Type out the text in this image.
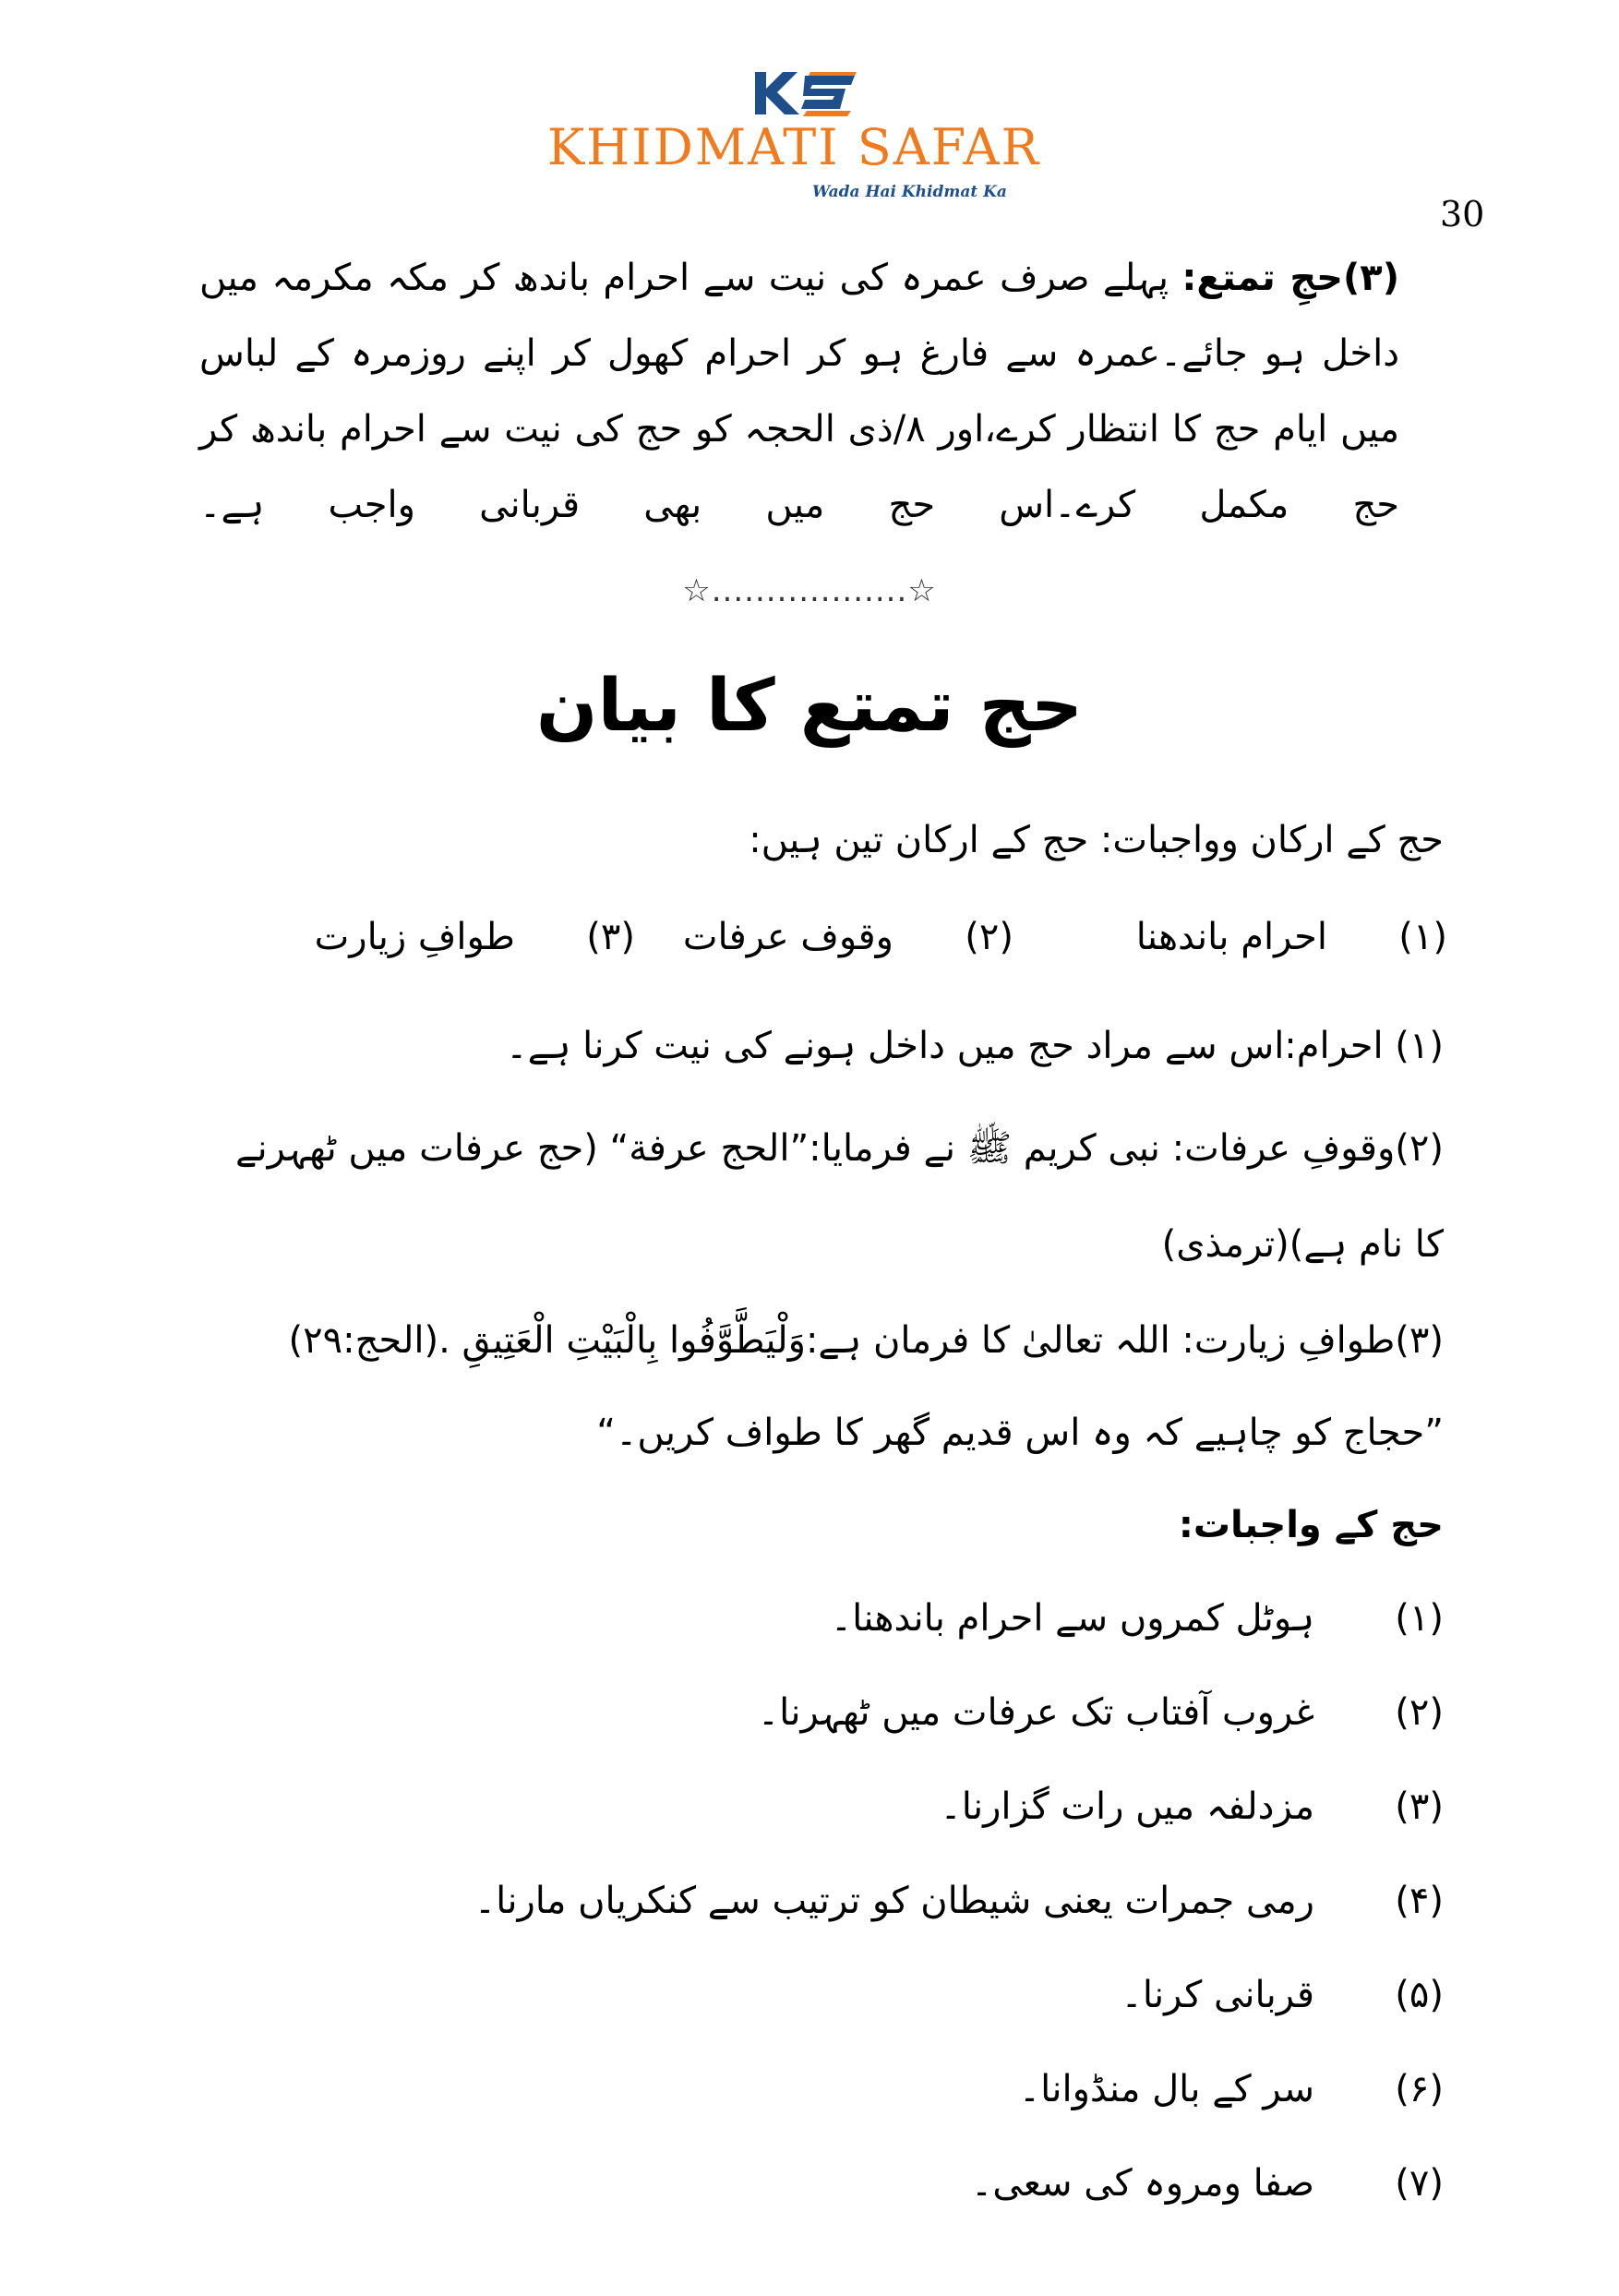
KHIDMATI SAFAR
Wada Hai Khidmat Ka
30
(۳)حجِ تمتع: پہلے صرف عمرہ کی نیت سے احرام باندھ کر مکہ مکرمہ میں داخل ہو جائے۔عمرہ سے فارغ ہو کر احرام کھول کر اپنے روزمرہ کے لباس میں ایام حج کا انتظار کرے،اور ۸/ذی الحجہ کو حج کی نیت سے احرام باندھ کر حج مکمل کرے۔اس حج میں بھی قربانی واجب ہے۔
☆..................☆
حج تمتع کا بیان
حج کے ارکان وواجبات: حج کے ارکان تین ہیں:
(۱)
احرام باندھنا
(۲)
وقوف عرفات
(۳)
طوافِ زیارت
(۱) احرام:اس سے مراد حج میں داخل ہونے کی نیت کرنا ہے۔
(۲)وقوفِ عرفات: نبی کریم ﷺ نے فرمایا:”الحج عرفة“ (حج عرفات میں ٹھہرنے
کا نام ہے)(ترمذی)
(۳)طوافِ زیارت: اللہ تعالیٰ کا فرمان ہے:وَلْيَطَّوَّفُوا بِالْبَيْتِ الْعَتِيقِ .(الحج:۲۹)
”حجاج کو چاہیے کہ وہ اس قدیم گھر کا طواف کریں۔“
حج کے واجبات:
(۱)
ہوٹل کمروں سے احرام باندھنا۔
(۲)
غروب آفتاب تک عرفات میں ٹھہرنا۔
(۳)
مزدلفہ میں رات گزارنا۔
(۴)
رمی جمرات یعنی شیطان کو ترتیب سے کنکریاں مارنا۔
(۵)
قربانی کرنا۔
(۶)
سر کے بال منڈوانا۔
(۷)
صفا ومروہ کی سعی۔
